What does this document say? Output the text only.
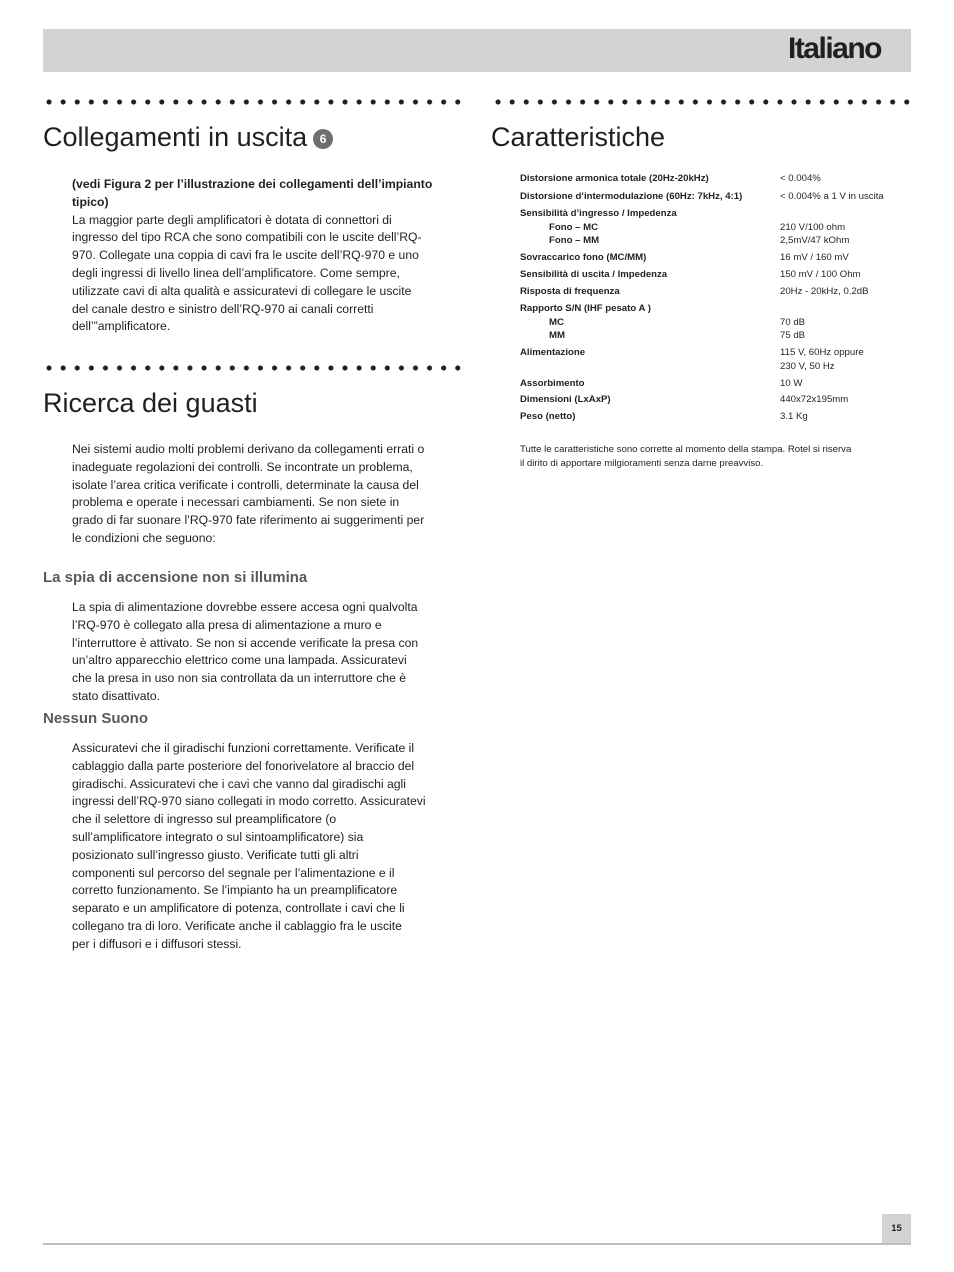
Italiano
Collegamenti in uscita 6
(vedi Figura 2 per l’illustrazione dei collegamenti dell’impianto
tipico)
La maggior parte degli amplificatori è dotata di connettori di
ingresso del tipo RCA che sono compatibili con le uscite dell’RQ-
970. Collegate una coppia di cavi fra le uscite dell’RQ-970 e uno
degli ingressi di livello linea dell’amplificatore. Come sempre,
utilizzate cavi di alta qualità e assicuratevi di collegare le uscite
del canale destro e sinistro dell’RQ-970 ai canali corretti
dell’”amplificatore.
Ricerca dei guasti
Nei sistemi audio molti problemi derivano da collegamenti errati o
inadeguate regolazioni dei controlli. Se incontrate un problema,
isolate l’area critica verificate i controlli, determinate la causa del
problema e operate i necessari cambiamenti. Se non siete in
grado di far suonare l’RQ-970 fate riferimento ai suggerimenti per
le condizioni che seguono:
La spia di accensione non si illumina
La spia di alimentazione dovrebbe essere accesa ogni qualvolta
l’RQ-970 è collegato alla presa di alimentazione a muro e
l’interruttore è attivato. Se non si accende verificate la presa con
un’altro apparecchio elettrico come una lampada. Assicuratevi
che la presa in uso non sia controllata da un interruttore che è
stato disattivato.
Nessun Suono
Assicuratevi che il giradischi funzioni correttamente. Verificate il
cablaggio dalla parte posteriore del fonorivelatore al braccio del
giradischi. Assicuratevi che i cavi che vanno dal giradischi agli
ingressi dell’RQ-970 siano collegati in modo corretto. Assicuratevi
che il selettore di ingresso sul preamplificatore (o
sull’amplificatore integrato o sul sintoamplificatore) sia
posizionato sull’ingresso giusto. Verificate tutti gli altri
componenti sul percorso del segnale per l’alimentazione e il
corretto funzionamento. Se l’impianto ha un preamplificatore
separato e un amplificatore di potenza, controllate i cavi che li
collegano tra di loro. Verificate anche il cablaggio fra le uscite
per i diffusori e i diffusori stessi.
Caratteristiche
Distorsione armonica totale (20Hz-20kHz)	< 0.004%
Distorsione d’intermodulazione (60Hz: 7kHz, 4:1)	< 0.004% a 1 V in uscita
Sensibilità d’ingresso / Impedenza
Fono – MC	210 V/100 ohm
Fono – MM	2,5mV/47 kOhm
Sovraccarico fono (MC/MM)	16 mV / 160 mV
Sensibilità di uscita / Impedenza	150 mV / 100 Ohm
Risposta di frequenza	20Hz - 20kHz, 0.2dB
Rapporto S/N (IHF pesato A )
MC	70 dB
MM	75 dB
Alimentazione	115 V, 60Hz oppure
230 V, 50 Hz
Assorbimento	10 W
Dimensioni (LxAxP)	440x72x195mm
Peso (netto)	3.1 Kg
Tutte le caratteristiche sono corrette al momento della stampa. Rotel si riserva
il dirito di apportare milgioramenti senza darne preavviso.
15
